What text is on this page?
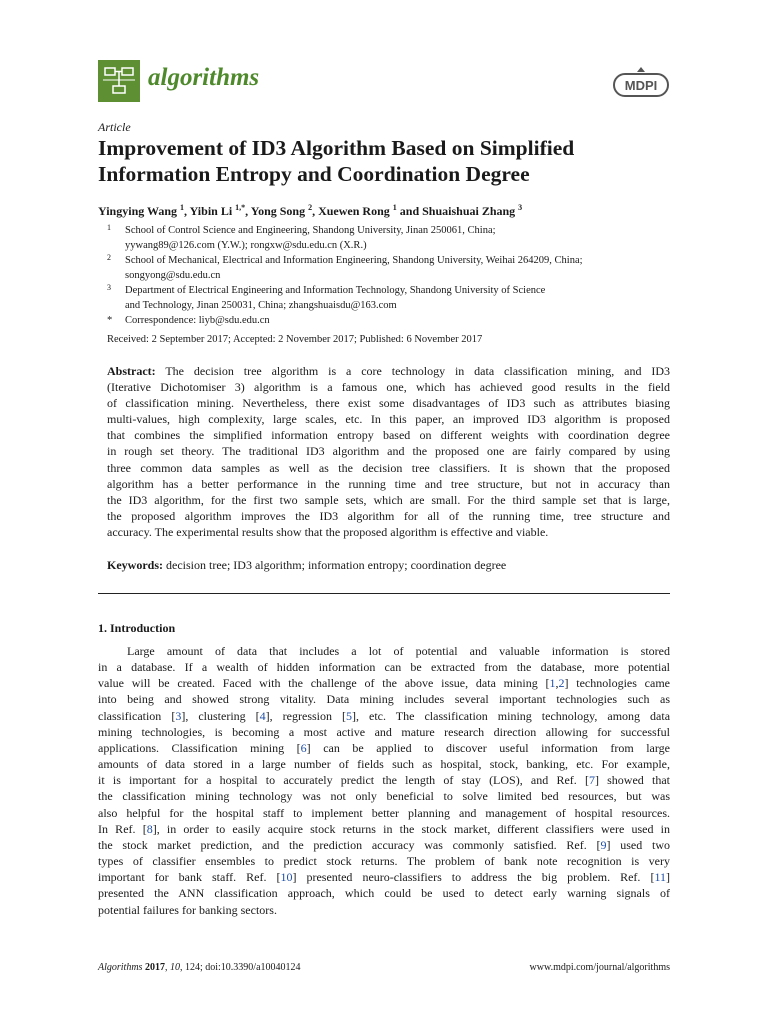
algorithms	MDPI
Article
Improvement of ID3 Algorithm Based on Simplified
Information Entropy and Coordination Degree
Yingying Wang $^1$, Yibin Li $^{1,*}$, Yong Song $^2$, Xuewen Rong $^1$ and Shuaishuai Zhang $^3$
1 School of Control Science and Engineering, Shandong University, Jinan 250061, China;
yywang89@126.com (Y.W.); rongxw@sdu.edu.cn (X.R.)
2 School of Mechanical, Electrical and Information Engineering, Shandong University, Weihai 264209, China;
songyong@sdu.edu.cn
3 Department of Electrical Engineering and Information Technology, Shandong University of Science
and Technology, Jinan 250031, China; zhangshuaisdu@163.com
* Correspondence: liyb@sdu.edu.cn
Received: 2 September 2017; Accepted: 2 November 2017; Published: 6 November 2017
Abstract: The decision tree algorithm is a core technology in data classification mining, and ID3
(Iterative Dichotomiser 3) algorithm is a famous one, which has achieved good results in the field
of classification mining. Nevertheless, there exist some disadvantages of ID3 such as attributes biasing
multi-values, high complexity, large scales, etc. In this paper, an improved ID3 algorithm is proposed
that combines the simplified information entropy based on different weights with coordination degree
in rough set theory. The traditional ID3 algorithm and the proposed one are fairly compared by using
three common data samples as well as the decision tree classifiers. It is shown that the proposed
algorithm has a better performance in the running time and tree structure, but not in accuracy than
the ID3 algorithm, for the first two sample sets, which are small. For the third sample set that is large,
the proposed algorithm improves the ID3 algorithm for all of the running time, tree structure and
accuracy. The experimental results show that the proposed algorithm is effective and viable.
Keywords: decision tree; ID3 algorithm; information entropy; coordination degree
1. Introduction
Large amount of data that includes a lot of potential and valuable information is stored
in a database. If a wealth of hidden information can be extracted from the database, more potential
value will be created. Faced with the challenge of the above issue, data mining [1,2] technologies came
into being and showed strong vitality. Data mining includes several important technologies such as
classification [3], clustering [4], regression [5], etc. The classification mining technology, among data
mining technologies, is becoming a most active and mature research direction allowing for successful
applications. Classification mining [6] can be applied to discover useful information from large
amounts of data stored in a large number of fields such as hospital, stock, banking, etc. For example,
it is important for a hospital to accurately predict the length of stay (LOS), and Ref. [7] showed that
the classification mining technology was not only beneficial to solve limited bed resources, but was
also helpful for the hospital staff to implement better planning and management of hospital resources.
In Ref. [8], in order to easily acquire stock returns in the stock market, different classifiers were used in
the stock market prediction, and the prediction accuracy was commonly satisfied. Ref. [9] used two
types of classifier ensembles to predict stock returns. The problem of bank note recognition is very
important for bank staff. Ref. [10] presented neuro-classifiers to address the big problem. Ref. [11]
presented the ANN classification approach, which could be used to detect early warning signals of
potential failures for banking sectors.
Algorithms 2017, 10, 124; doi:10.3390/a10040124	www.mdpi.com/journal/algorithms
